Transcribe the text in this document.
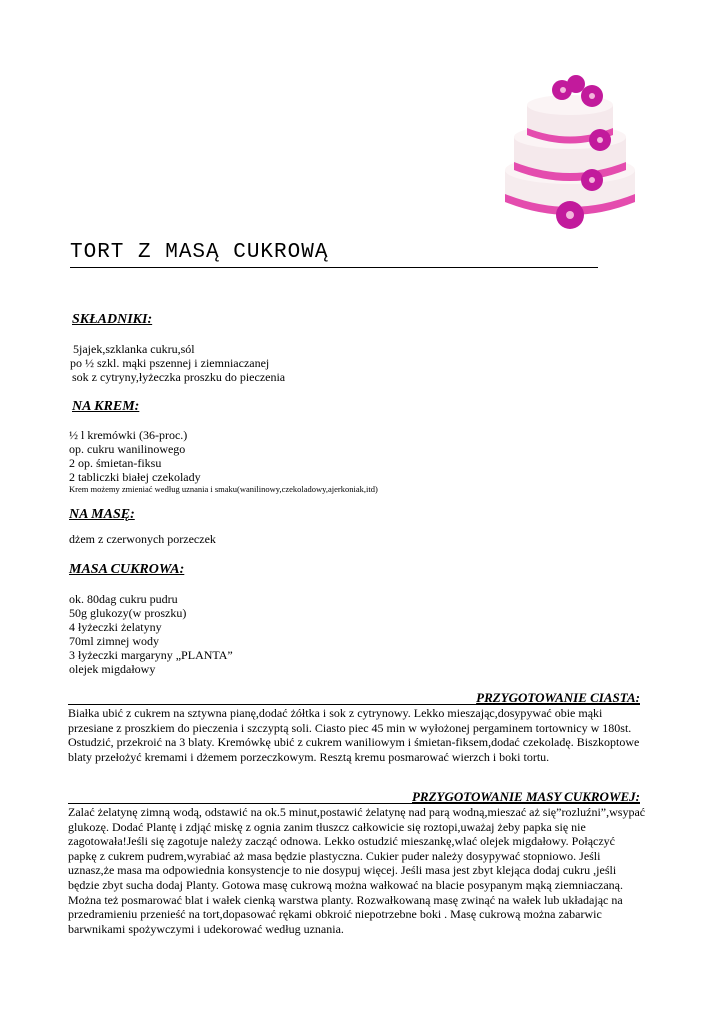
TORT Z MASĄ CUKROWĄ
SKŁADNIKI:
5jajek,szklanka cukru,sól
po ½ szkl. mąki pszennej i ziemniaczanej
sok z cytryny,łyżeczka proszku do pieczenia
NA KREM:
½ l kremówki (36-proc.)
op. cukru wanilinowego
2 op. śmietan-fiksu
2 tabliczki białej czekolady
Krem możemy zmieniać według uznania i smaku(wanilinowy,czekoladowy,ajerkoniak,itd)
NA MASĘ:
dżem z czerwonych porzeczek
MASA CUKROWA:
ok. 80dag cukru pudru
50g glukozy(w proszku)
4 łyżeczki żelatyny
70ml zimnej wody
3 łyżeczki margaryny „PLANTA”
olejek migdałowy
PRZYGOTOWANIE CIASTA:
Białka ubić z cukrem na sztywna pianę,dodać żółtka i sok z cytrynowy. Lekko mieszając,dosypywać obie mąki
przesiane z proszkiem do pieczenia i szczyptą soli. Ciasto piec 45 min w wyłożonej pergaminem tortownicy w 180st.
Ostudzić, przekroić na 3 blaty. Kremówkę ubić z cukrem waniliowym i śmietan-fiksem,dodać czekoladę. Biszkoptowe
blaty przełożyć kremami i dżemem porzeczkowym. Resztą kremu posmarować wierzch i boki tortu.
PRZYGOTOWANIE MASY CUKROWEJ:
Zalać żelatynę zimną wodą, odstawić na ok.5 minut,postawić żelatynę nad parą wodną,mieszać aż się”rozluźni”,wsypać
glukozę. Dodać Plantę i zdjąć miskę z ognia zanim tłuszcz całkowicie się roztopi,uważaj żeby papka się nie
zagotowała!Jeśli się zagotuje należy zacząć odnowa. Lekko ostudzić mieszankę,wlać olejek migdałowy. Połączyć
papkę z cukrem pudrem,wyrabiać aż masa będzie plastyczna. Cukier puder należy dosypywać stopniowo. Jeśli
uznasz,że masa ma odpowiednia konsystencje to nie dosypuj więcej. Jeśli masa jest zbyt klejąca dodaj cukru ,jeśli
będzie zbyt sucha dodaj Planty. Gotowa masę cukrową można wałkować na blacie posypanym mąką ziemniaczaną.
Można też posmarować blat i wałek cienką warstwa planty. Rozwałkowaną masę zwinąć na wałek lub układając na
przedramieniu przenieść na tort,dopasować rękami obkroić niepotrzebne boki . Masę cukrową można zabarwic
barwnikami spożywczymi i udekorować według uznania.
